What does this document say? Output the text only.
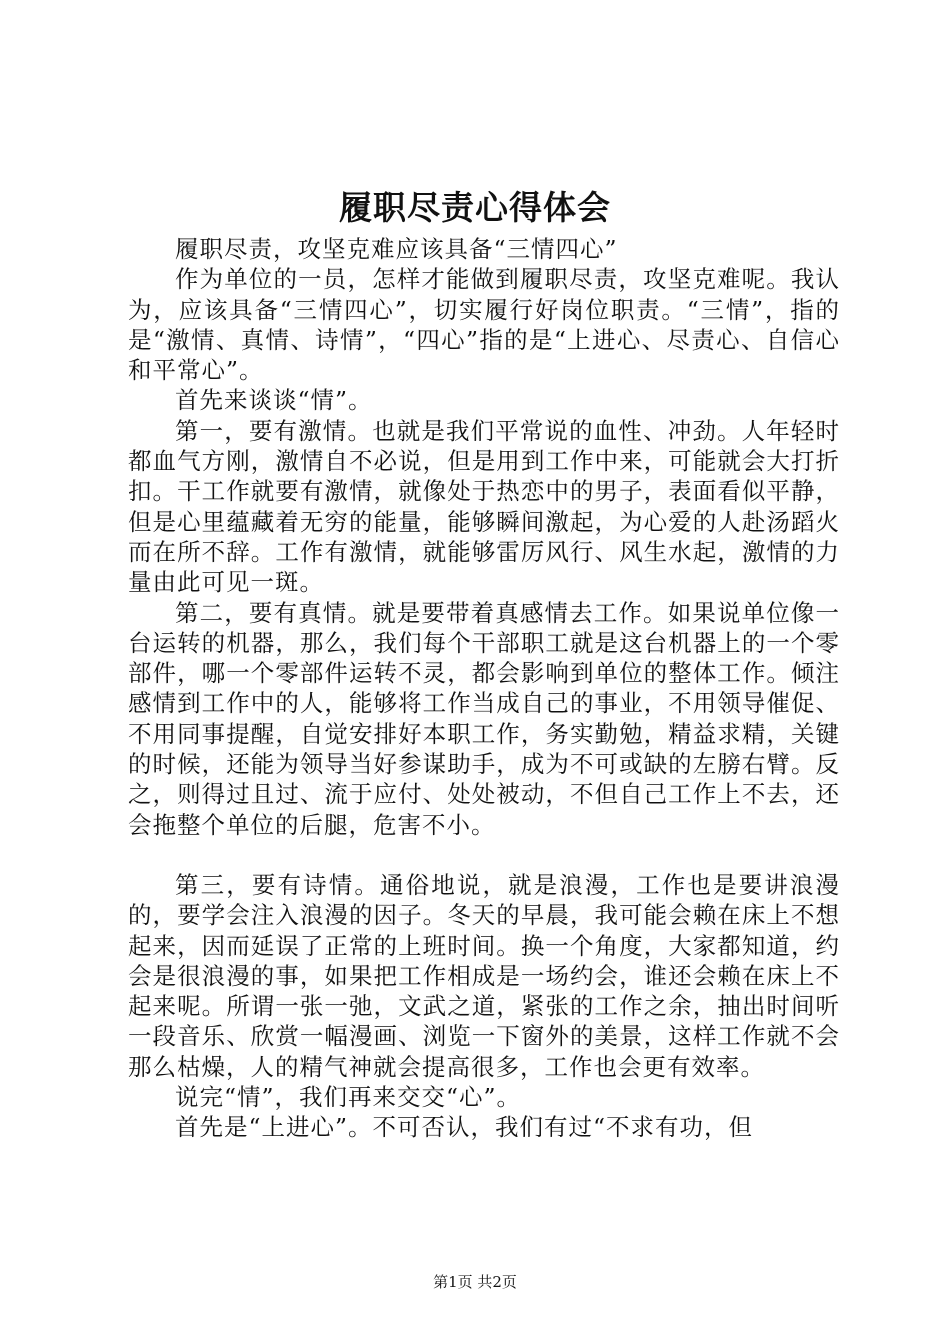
履职尽责心得体会

履职尽责，攻坚克难应该具备“三情四心”

作为单位的一员，怎样才能做到履职尽责，攻坚克难呢。我认为，应该具备“三情四心”，切实履行好岗位职责。“三情”，指的是“激情、真情、诗情”，“四心”指的是“上进心、尽责心、自信心和平常心”。

首先来谈谈“情”。

第一，要有激情。也就是我们平常说的血性、冲劲。人年轻时都血气方刚，激情自不必说，但是用到工作中来，可能就会大打折扣。干工作就要有激情，就像处于热恋中的男子，表面看似平静，但是心里蕴藏着无穷的能量，能够瞬间激起，为心爱的人赴汤蹈火而在所不辞。工作有激情，就能够雷厉风行、风生水起，激情的力量由此可见一斑。

第二，要有真情。就是要带着真感情去工作。如果说单位像一台运转的机器，那么，我们每个干部职工就是这台机器上的一个零部件，哪一个零部件运转不灵，都会影响到单位的整体工作。倾注感情到工作中的人，能够将工作当成自己的事业，不用领导催促、不用同事提醒，自觉安排好本职工作，务实勤勉，精益求精，关键的时候，还能为领导当好参谋助手，成为不可或缺的左膀右臂。反之，则得过且过、流于应付、处处被动，不但自己工作上不去，还会拖整个单位的后腿，危害不小。

第三，要有诗情。通俗地说，就是浪漫，工作也是要讲浪漫的，要学会注入浪漫的因子。冬天的早晨，我可能会赖在床上不想起来，因而延误了正常的上班时间。换一个角度，大家都知道，约会是很浪漫的事，如果把工作相成是一场约会，谁还会赖在床上不起来呢。所谓一张一弛，文武之道，紧张的工作之余，抽出时间听一段音乐、欣赏一幅漫画、浏览一下窗外的美景，这样工作就不会那么枯燥，人的精气神就会提高很多，工作也会更有效率。

说完“情”，我们再来交交“心”。

首先是“上进心”。不可否认，我们有过“不求有功，但

第1页 共2页
